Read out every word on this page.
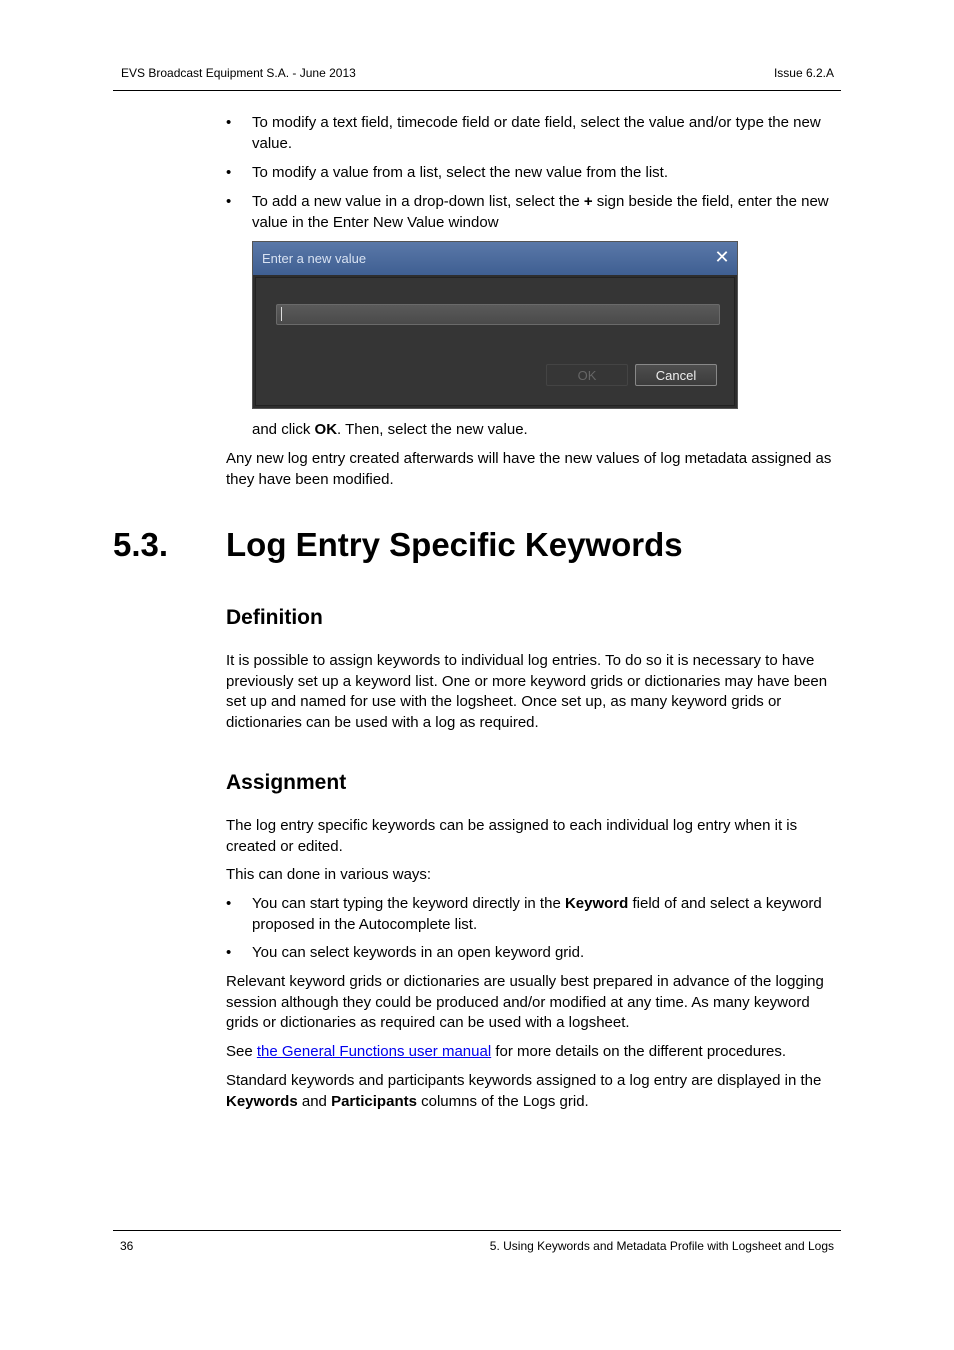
EVS Broadcast Equipment S.A. - June 2013	Issue 6.2.A
• To modify a text field, timecode field or date field, select the value and/or type the new value.
• To modify a value from a list, select the new value from the list.
• To add a new value in a drop-down list, select the + sign beside the field, enter the new value in the Enter New Value window
Enter a new value	✕
OK	Cancel
and click OK. Then, select the new value.

Any new log entry created afterwards will have the new values of log metadata assigned as they have been modified.

5.3. Log Entry Specific Keywords
Definition

It is possible to assign keywords to individual log entries. To do so it is necessary to have previously set up a keyword list. One or more keyword grids or dictionaries may have been set up and named for use with the logsheet. Once set up, as many keyword grids or dictionaries can be used with a log as required.

Assignment

The log entry specific keywords can be assigned to each individual log entry when it is created or edited.

This can done in various ways:

• You can start typing the keyword directly in the Keyword field of and select a keyword proposed in the Autocomplete list.
• You can select keywords in an open keyword grid.

Relevant keyword grids or dictionaries are usually best prepared in advance of the logging session although they could be produced and/or modified at any time. As many keyword grids or dictionaries as required can be used with a logsheet.

See the General Functions user manual for more details on the different procedures.

Standard keywords and participants keywords assigned to a log entry are displayed in the Keywords and Participants columns of the Logs grid.

36	5. Using Keywords and Metadata Profile with Logsheet and Logs
